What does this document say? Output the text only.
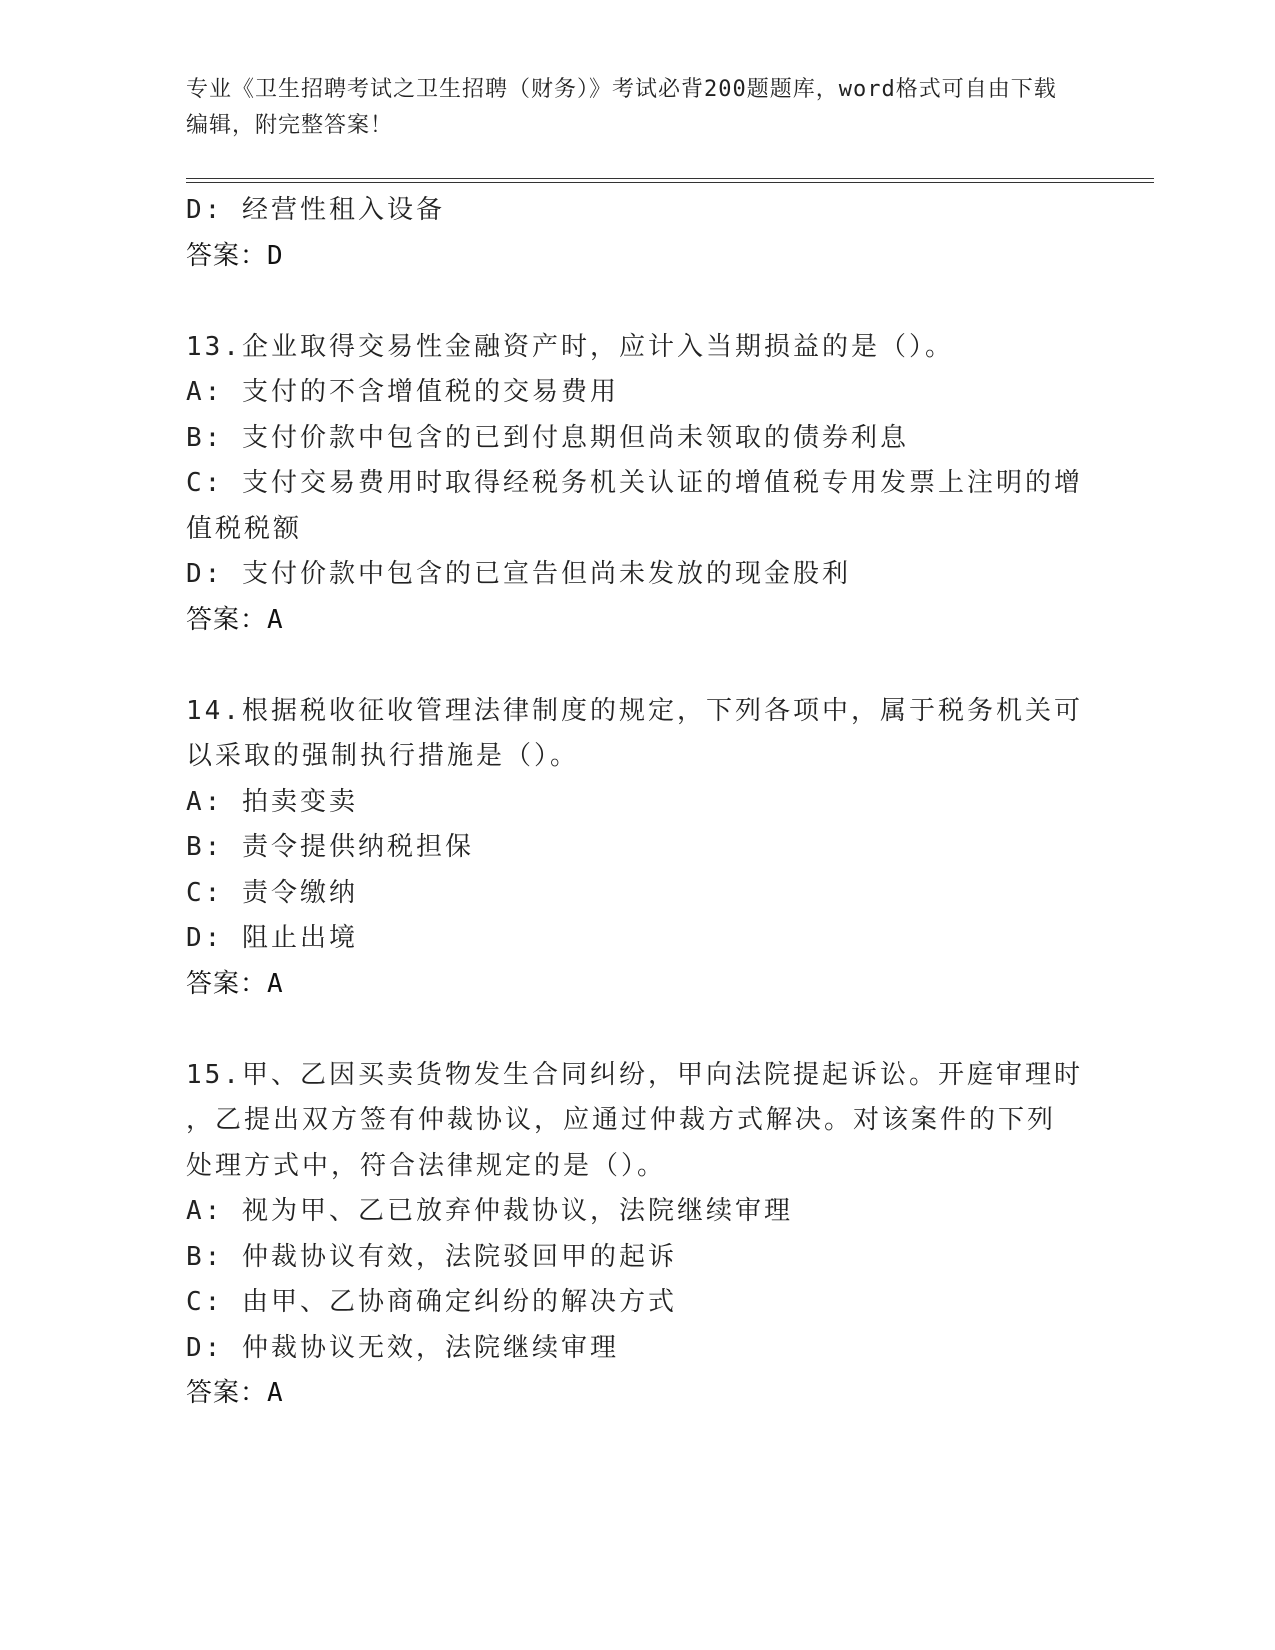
专业《卫生招聘考试之卫生招聘（财务）》考试必背200题题库，word格式可自由下载编辑，附完整答案！
D: 经营性租入设备
答案：D
13.企业取得交易性金融资产时，应计入当期损益的是（）。
A: 支付的不含增值税的交易费用
B: 支付价款中包含的已到付息期但尚未领取的债券利息
C: 支付交易费用时取得经税务机关认证的增值税专用发票上注明的增
值税税额
D: 支付价款中包含的已宣告但尚未发放的现金股利
答案：A
14.根据税收征收管理法律制度的规定，下列各项中，属于税务机关可
以采取的强制执行措施是（）。
A: 拍卖变卖
B: 责令提供纳税担保
C: 责令缴纳
D: 阻止出境
答案：A
15.甲、乙因买卖货物发生合同纠纷，甲向法院提起诉讼。开庭审理时
，乙提出双方签有仲裁协议，应通过仲裁方式解决。对该案件的下列
处理方式中，符合法律规定的是（）。
A: 视为甲、乙已放弃仲裁协议，法院继续审理
B: 仲裁协议有效，法院驳回甲的起诉
C: 由甲、乙协商确定纠纷的解决方式
D: 仲裁协议无效，法院继续审理
答案：A
